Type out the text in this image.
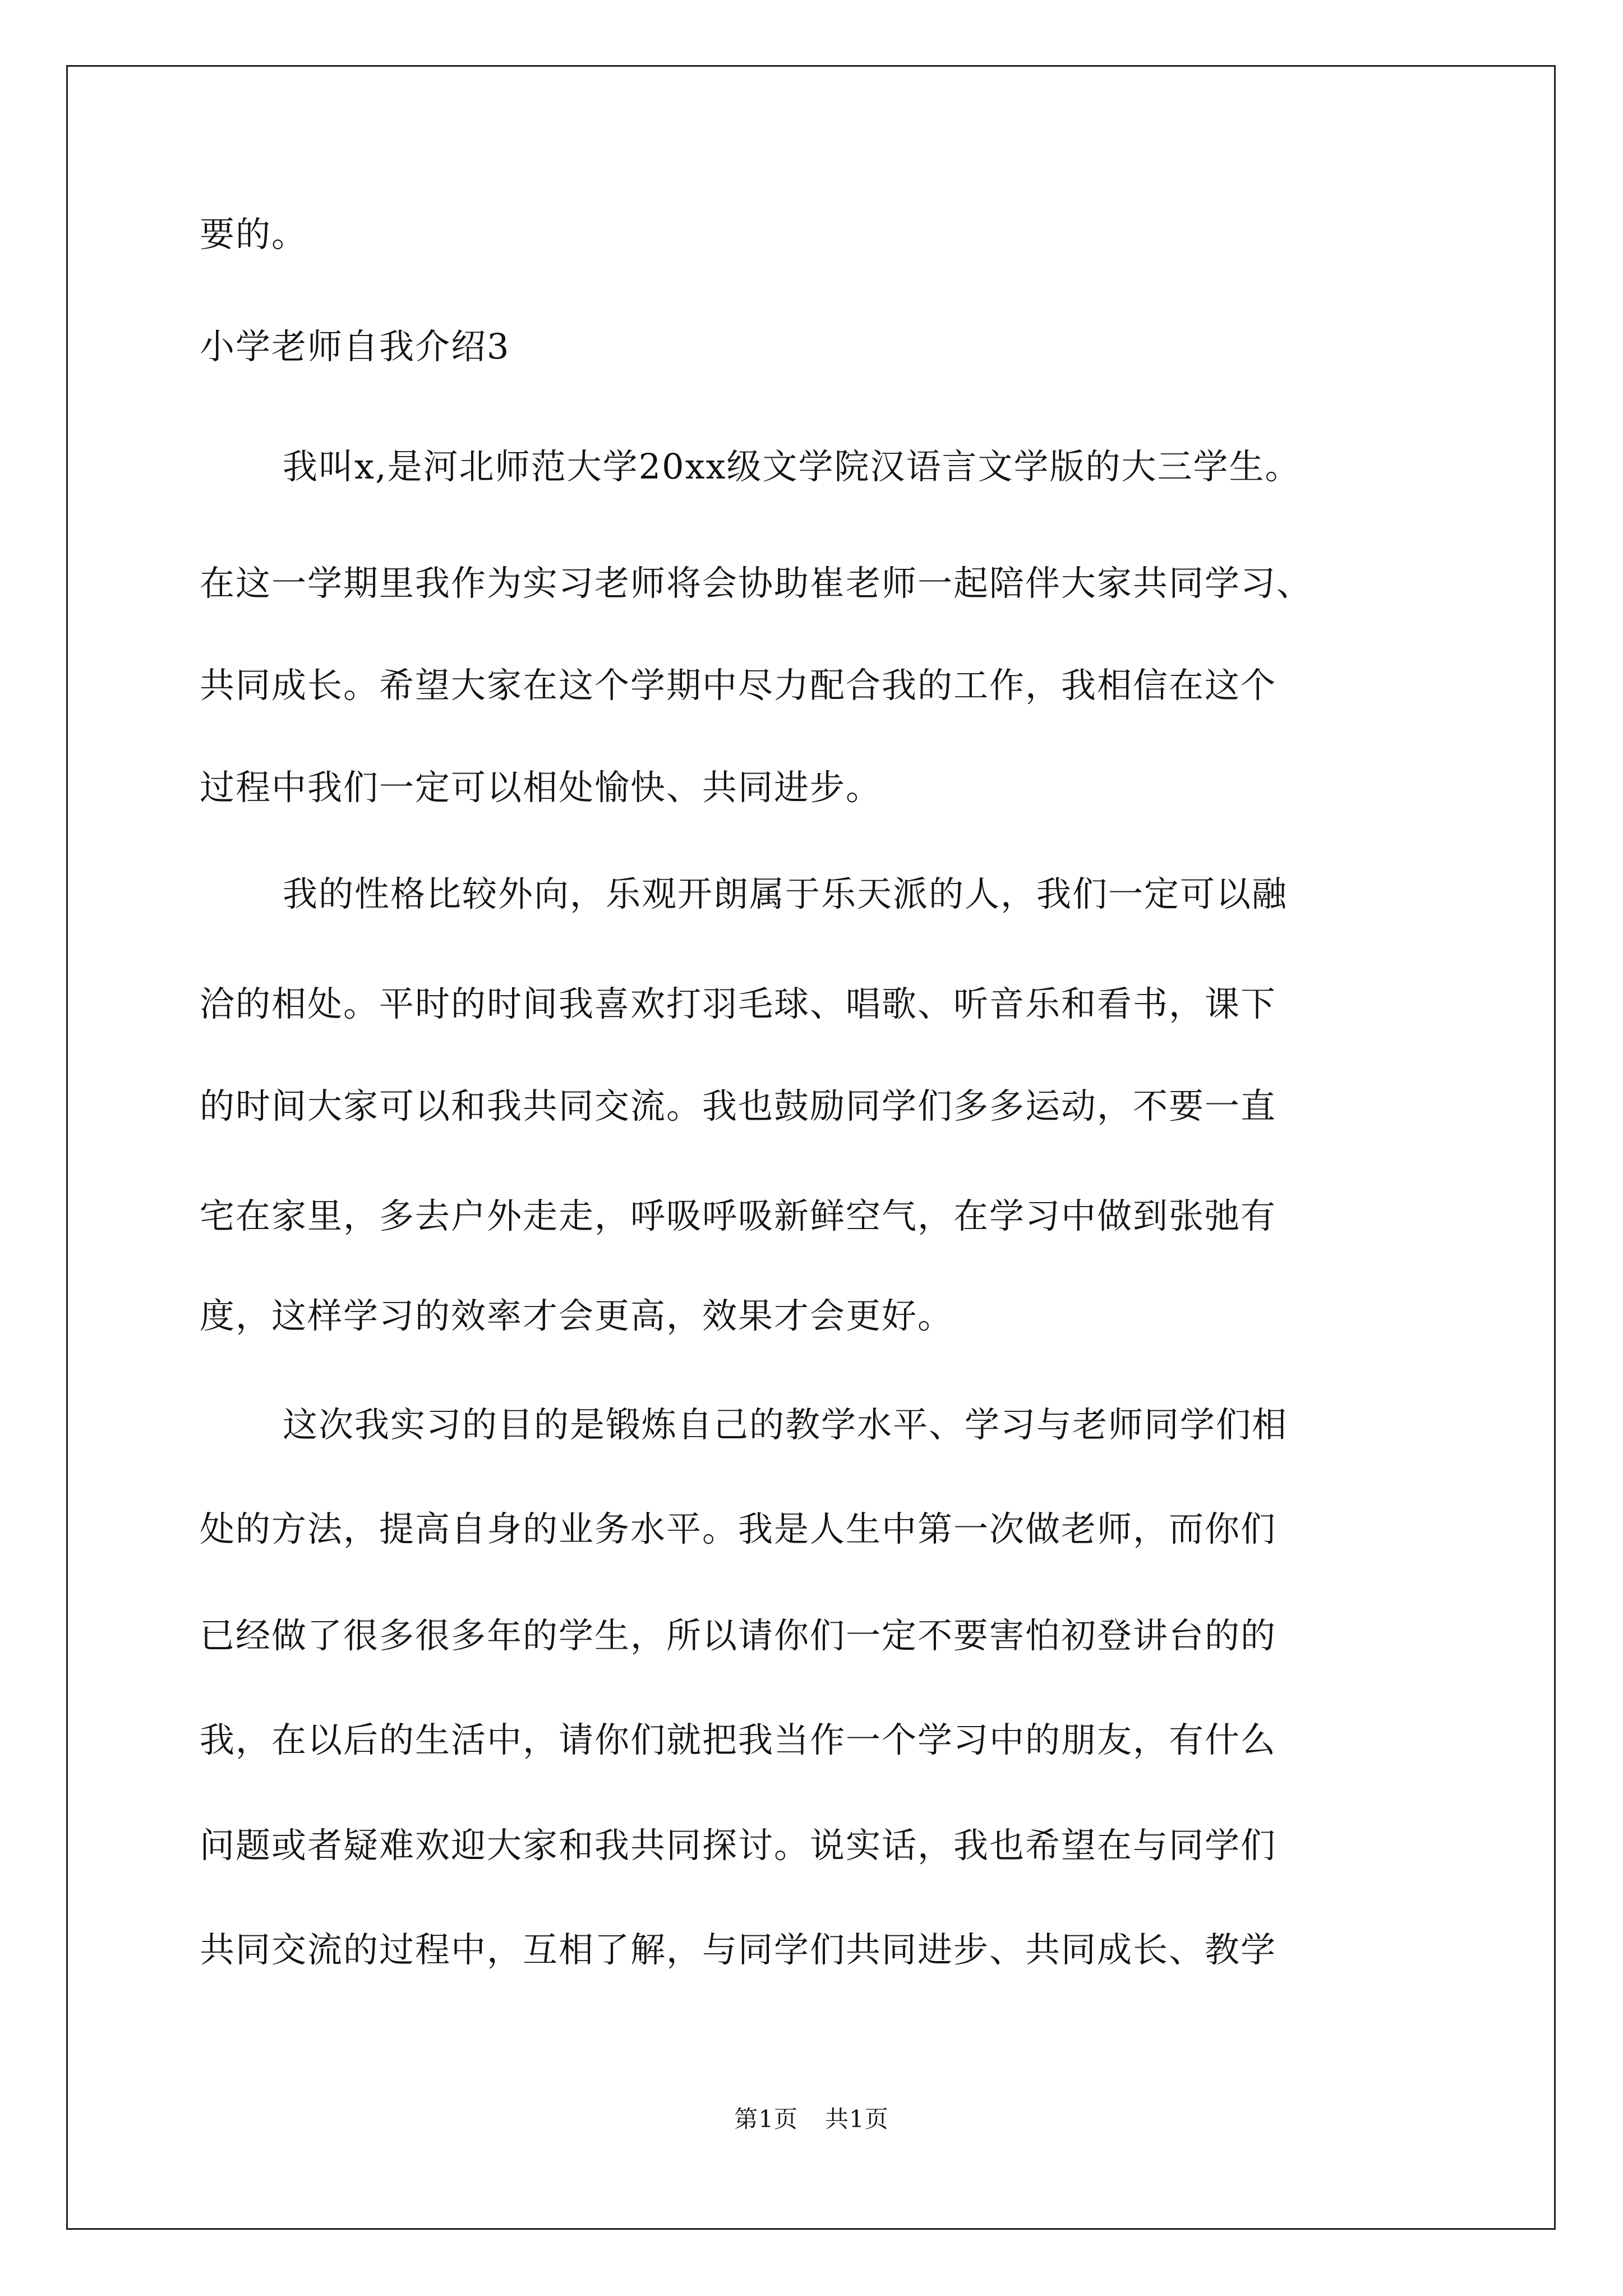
要的。
小学老师自我介绍3
我叫x,是河北师范大学20xx级文学院汉语言文学版的大三学生。
在这一学期里我作为实习老师将会协助崔老师一起陪伴大家共同学习、
共同成长。希望大家在这个学期中尽力配合我的工作，我相信在这个
过程中我们一定可以相处愉快、共同进步。
我的性格比较外向，乐观开朗属于乐天派的人，我们一定可以融
洽的相处。平时的时间我喜欢打羽毛球、唱歌、听音乐和看书，课下
的时间大家可以和我共同交流。我也鼓励同学们多多运动，不要一直
宅在家里，多去户外走走，呼吸呼吸新鲜空气，在学习中做到张弛有
度，这样学习的效率才会更高，效果才会更好。
这次我实习的目的是锻炼自己的教学水平、学习与老师同学们相
处的方法，提高自身的业务水平。我是人生中第一次做老师，而你们
已经做了很多很多年的学生，所以请你们一定不要害怕初登讲台的的
我，在以后的生活中，请你们就把我当作一个学习中的朋友，有什么
问题或者疑难欢迎大家和我共同探讨。说实话，我也希望在与同学们
共同交流的过程中，互相了解，与同学们共同进步、共同成长、教学
第1页 共1页
